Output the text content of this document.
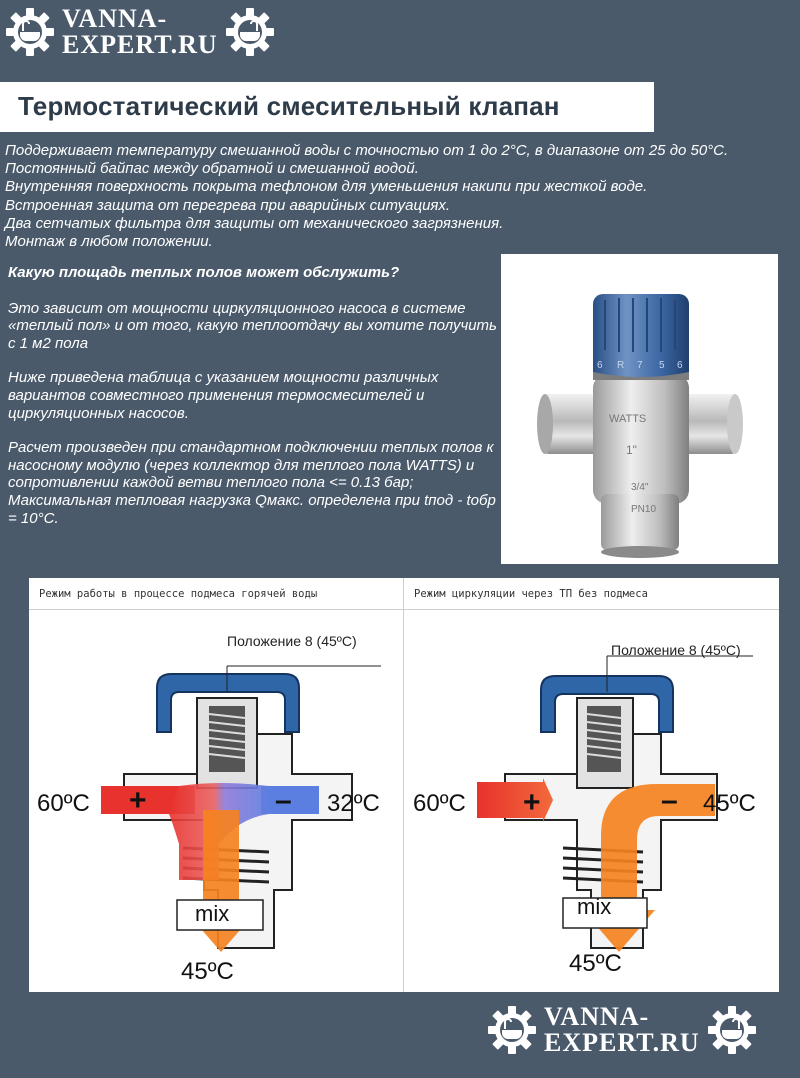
VANNA-
EXPERT.RU
Термостатический смесительный клапан
Поддерживает температуру смешанной воды с точностью от 1 до 2°С, в диапазоне от 25 до 50°С.
Постоянный байпас между обратной и смешанной водой.
Внутренняя поверхность покрыта тефлоном для уменьшения накипи при жесткой воде.
Встроенная защита от перегрева при аварийных ситуациях.
Два сетчатых фильтра для защиты от механического загрязнения.
Монтаж в любом положении.
Какую площадь теплых полов может обслужить?

Это зависит от мощности циркуляционного насоса в системе «теплый пол» и от того, какую теплоотдачу вы хотите получить с 1 м2 пола

Ниже приведена таблица с указанием мощности различных вариантов совместного применения термосмесителей и циркуляционных насосов.

Расчет произведен при стандартном подключении теплых полов к насосному модулю (через коллектор для теплого пола WATTS) и сопротивлении каждой ветви теплого пола <= 0.13 бар; Максимальная тепловая нагрузка Qмакс. определена при tпод - tобр = 10°С.

WATTS
1"
3/4"
PN10
6 R 7 5 6
Режим работы в процессе подмеса горячей воды	Режим циркуляции через ТП без подмеса
+	–	+	–
Положение 8 (45ºС)
60ºC	32ºC
mix
45ºC
Положение 8 (45ºС)
60ºC	45ºC
mix
45ºC
VANNA-
EXPERT.RU
